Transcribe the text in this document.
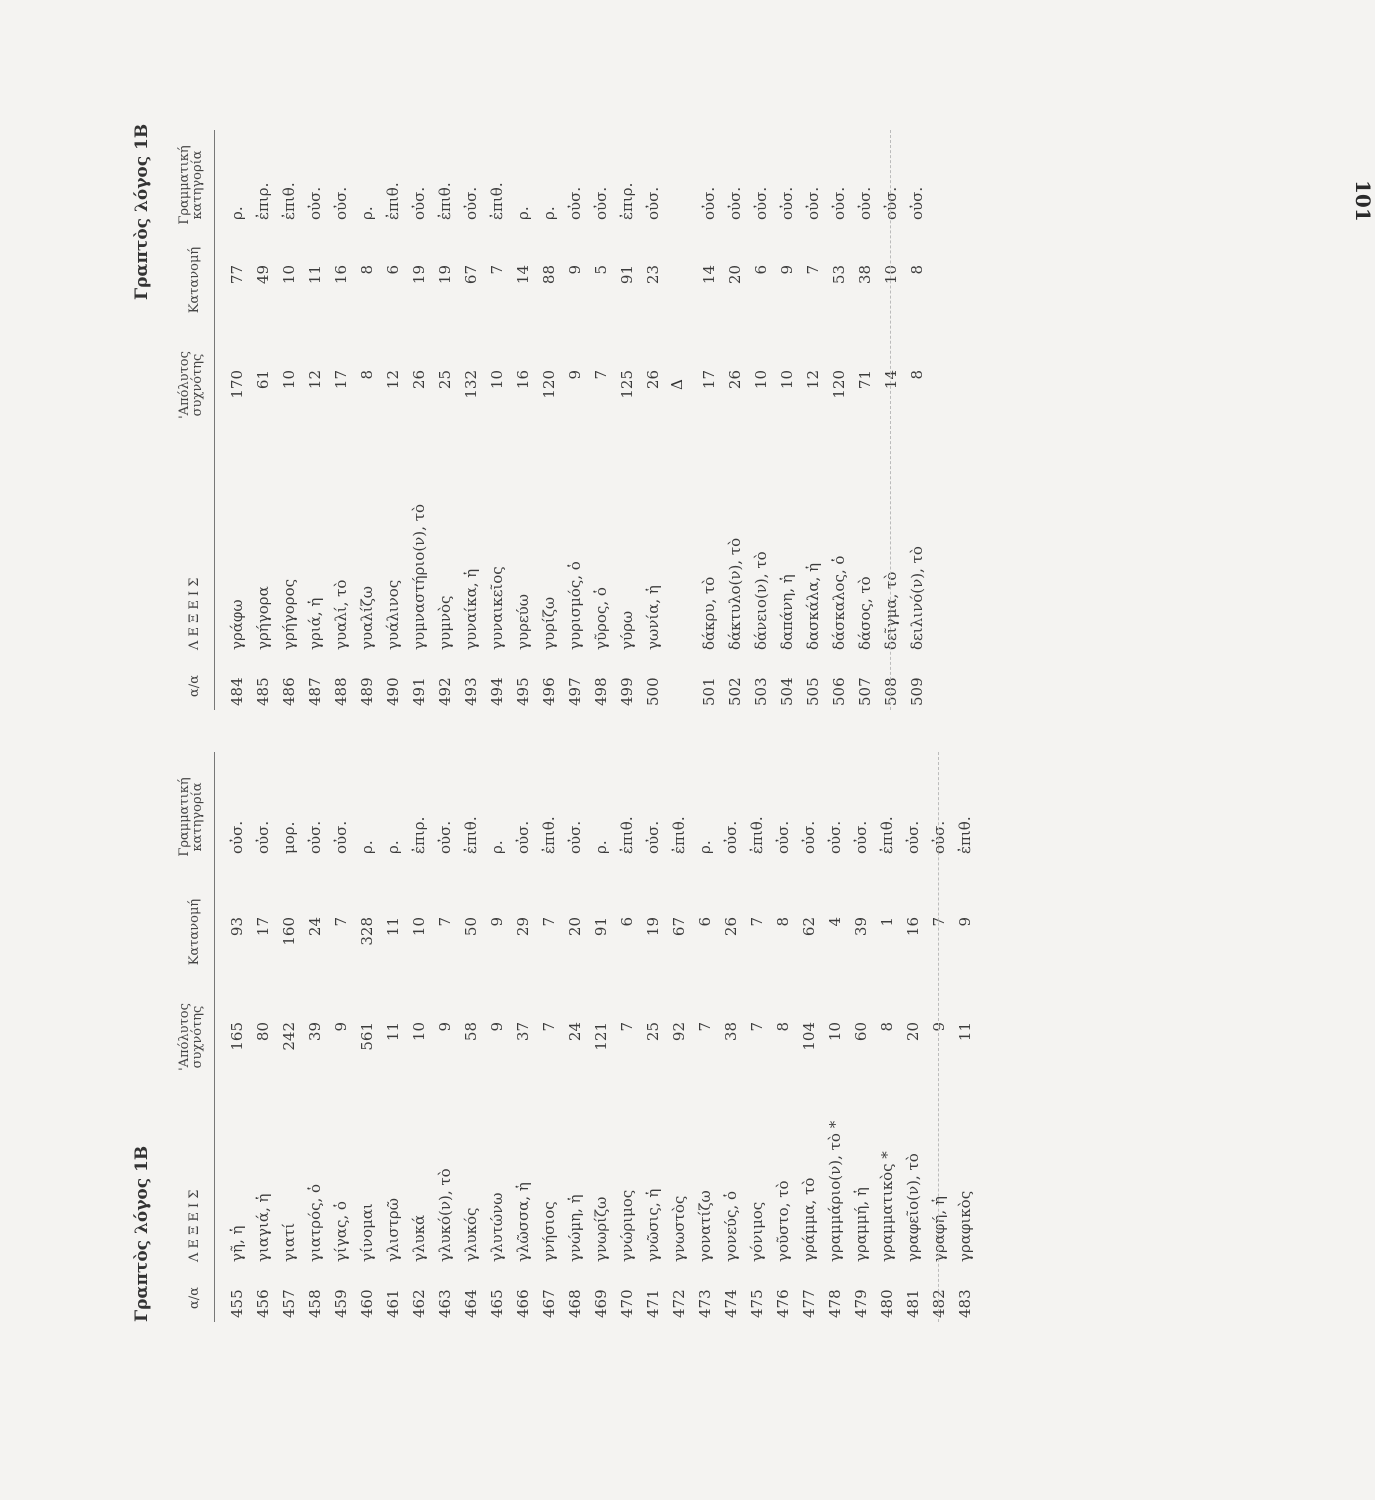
Γραπτὸς λόγος 1Β	α/α
Λ Ε Ξ Ε Ι Σ
'Απόλυτος συχνότης
Κατανομή
Γραμματική κατηγορία
455
γῆ, ἡ
165
93
οὐσ.
456
γιαγιά, ἡ
80
17
οὐσ.
457
γιατί
242
160
μορ.
458
γιατρός, ὁ
39
24
οὐσ.
459
γίγας, ὁ
9
7
οὐσ.
460
γίνομαι
561
328
ρ.
461
γλιστρῶ
11
11
ρ.
462
γλυκά
10
10
ἐπιρ.
463
γλυκό(ν), τὸ
9
7
οὐσ.
464
γλυκός
58
50
ἐπιθ.
465
γλυτώνω
9
9
ρ.
466
γλῶσσα, ἡ
37
29
οὐσ.
467
γνήσιος
7
7
ἐπιθ.
468
γνώμη, ἡ
24
20
οὐσ.
469
γνωρίζω
121
91
ρ.
470
γνώριμος
7
6
ἐπιθ.
471
γνῶσις, ἡ
25
19
οὐσ.
472
γνωστὸς
92
67
ἐπιθ.
473
γονατίζω
7
6
ρ.
474
γονεύς, ὁ
38
26
οὐσ.
475
γόνιμος
7
7
ἐπιθ.
476
γοῦστο, τὸ
8
8
οὐσ.
477
γράμμα, τὸ
104
62
οὐσ.
478
γραμμάριο(ν), τὸ *
10
4
οὐσ.
479
γραμμή, ἡ
60
39
οὐσ.
480
γραμματικὸς *
8
1
ἐπιθ.
481
γραφεῖο(ν), τὸ
20
16
οὐσ.
482
γραφή, ἡ
9
7
οὐσ.
483
γραφικὸς
11
9
ἐπιθ.
Γραπτὸς λόγος 1Β
α/α
Λ Ε Ξ Ε Ι Σ
'Απόλυτος συχνότης
Κατανομή
Γραμματική κατηγορία
484
γράφω
170
77
ρ.
485
γρήγορα
61
49
ἐπιρ.
486
γρήγορος
10
10
ἐπιθ.
487
γριά, ἡ
12
11
οὐσ.
488
γυαλί, τὸ
17
16
οὐσ.
489
γυαλίζω
8
8
ρ.
490
γυάλινος
12
6
ἐπιθ.
491
γυμναστήριο(ν), τὸ
26
19
οὐσ.
492
γυμνὸς
25
19
ἐπιθ.
493
γυναίκα, ἡ
132
67
οὐσ.
494
γυναικεῖος
10
7
ἐπιθ.
495
γυρεύω
16
14
ρ.
496
γυρίζω
120
88
ρ.
497
γυρισμός, ὁ
9
9
οὐσ.
498
γῦρος, ὁ
7
5
οὐσ.
499
γύρω
125
91
ἐπιρ.
500
γωνία, ἡ
26
23
οὐσ.
Δ
501
δάκρυ, τὸ
17
14
οὐσ.
502
δάκτυλο(ν), τὸ
26
20
οὐσ.
503
δάνειο(ν), τὸ
10
6
οὐσ.
504
δαπάνη, ἡ
10
9
οὐσ.
505
δασκάλα, ἡ
12
7
οὐσ.
506
δάσκαλος, ὁ
120
53
οὐσ.
507
δάσος, τὸ
71
38
οὐσ.
508
δεῖγμα, τὸ
14
10
οὐσ.
509
δειλινό(ν), τὸ
8
8
οὐσ.	101
